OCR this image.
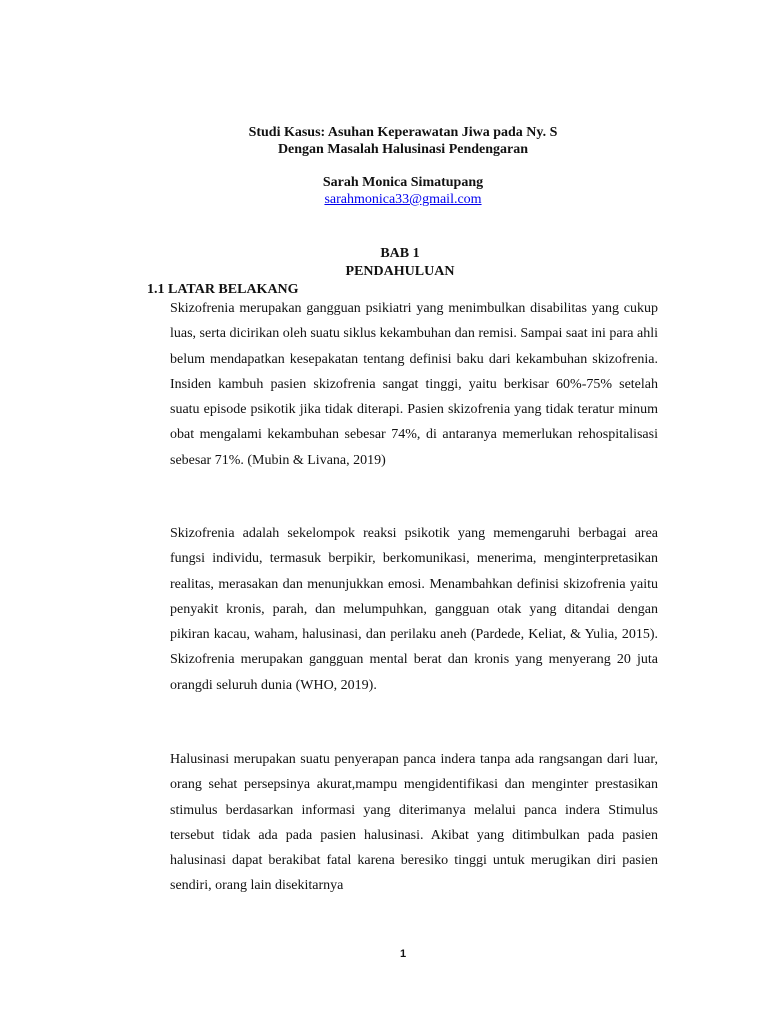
Studi Kasus: Asuhan Keperawatan Jiwa pada Ny. S
Dengan Masalah Halusinasi Pendengaran
Sarah Monica Simatupang
sarahmonica33@gmail.com
BAB 1
PENDAHULUAN
1.1 LATAR BELAKANG

Skizofrenia merupakan gangguan psikiatri yang menimbulkan disabilitas yang cukup luas, serta dicirikan oleh suatu siklus kekambuhan dan remisi. Sampai saat ini para ahli belum mendapatkan kesepakatan tentang definisi baku dari kekambuhan skizofrenia. Insiden kambuh pasien skizofrenia sangat tinggi, yaitu berkisar 60%-75% setelah suatu episode psikotik jika tidak diterapi. Pasien skizofrenia yang tidak teratur minum obat mengalami kekambuhan sebesar 74%, di antaranya memerlukan rehospitalisasi sebesar 71%. (Mubin & Livana, 2019)

Skizofrenia adalah sekelompok reaksi psikotik yang memengaruhi berbagai area fungsi individu, termasuk berpikir, berkomunikasi, menerima, menginterpretasikan realitas, merasakan dan menunjukkan emosi. Menambahkan definisi skizofrenia yaitu penyakit kronis, parah, dan melumpuhkan, gangguan otak yang ditandai dengan pikiran kacau, waham, halusinasi, dan perilaku aneh (Pardede, Keliat, & Yulia, 2015). Skizofrenia merupakan gangguan mental berat dan kronis yang menyerang 20 juta orangdi seluruh dunia (WHO, 2019).

Halusinasi merupakan suatu penyerapan panca indera tanpa ada rangsangan dari luar, orang sehat persepsinya akurat,mampu mengidentifikasi dan menginter prestasikan stimulus berdasarkan informasi yang diterimanya melalui panca indera Stimulus tersebut tidak ada pada pasien halusinasi. Akibat yang ditimbulkan pada pasien halusinasi dapat berakibat fatal karena beresiko tinggi untuk merugikan diri pasien sendiri, orang lain disekitarnya

1
